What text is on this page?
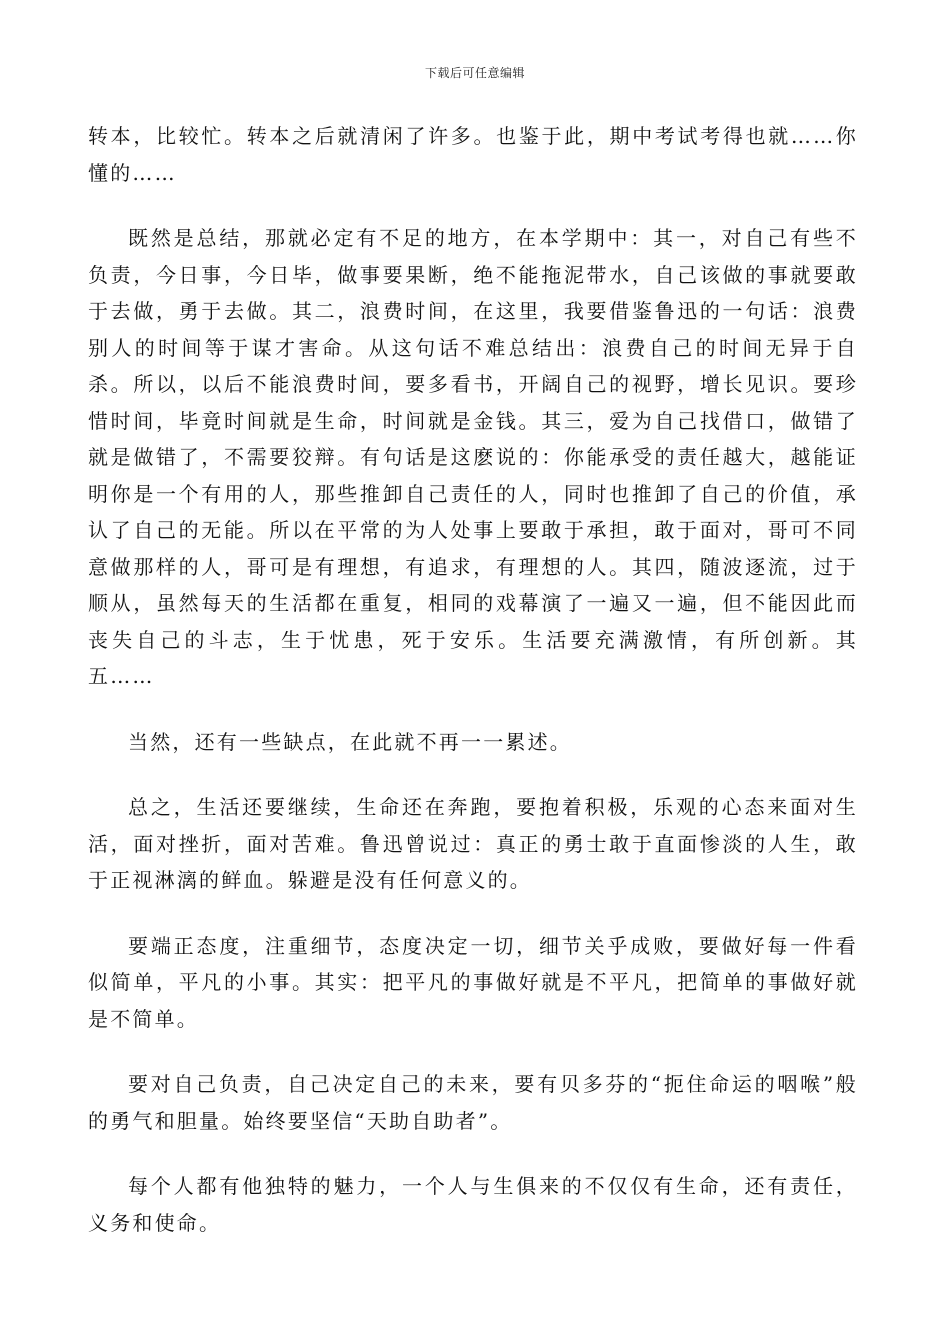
下载后可任意编辑

转本，比较忙。转本之后就清闲了许多。也鉴于此，期中考试考得也就……你懂的……

既然是总结，那就必定有不足的地方，在本学期中：其一，对自己有些不负责，今日事，今日毕，做事要果断，绝不能拖泥带水，自己该做的事就要敢于去做，勇于去做。其二，浪费时间，在这里，我要借鉴鲁迅的一句话：浪费别人的时间等于谋才害命。从这句话不难总结出：浪费自己的时间无异于自杀。所以，以后不能浪费时间，要多看书，开阔自己的视野，增长见识。要珍惜时间，毕竟时间就是生命，时间就是金钱。其三，爱为自己找借口，做错了就是做错了，不需要狡辩。有句话是这麽说的：你能承受的责任越大，越能证明你是一个有用的人，那些推卸自己责任的人，同时也推卸了自己的价值，承认了自己的无能。所以在平常的为人处事上要敢于承担，敢于面对，哥可不同意做那样的人，哥可是有理想，有追求，有理想的人。其四，随波逐流，过于顺从，虽然每天的生活都在重复，相同的戏幕演了一遍又一遍，但不能因此而丧失自己的斗志，生于忧患，死于安乐。生活要充满激情，有所创新。其五……

当然，还有一些缺点，在此就不再一一累述。

总之，生活还要继续，生命还在奔跑，要抱着积极，乐观的心态来面对生活，面对挫折，面对苦难。鲁迅曾说过：真正的勇士敢于直面惨淡的人生，敢于正视淋漓的鲜血。躲避是没有任何意义的。

要端正态度，注重细节，态度决定一切，细节关乎成败，要做好每一件看似简单，平凡的小事。其实：把平凡的事做好就是不平凡，把简单的事做好就是不简单。

要对自己负责，自己决定自己的未来，要有贝多芬的“扼住命运的咽喉”般的勇气和胆量。始终要坚信“天助自助者”。

每个人都有他独特的魅力，一个人与生俱来的不仅仅有生命，还有责任，义务和使命。
